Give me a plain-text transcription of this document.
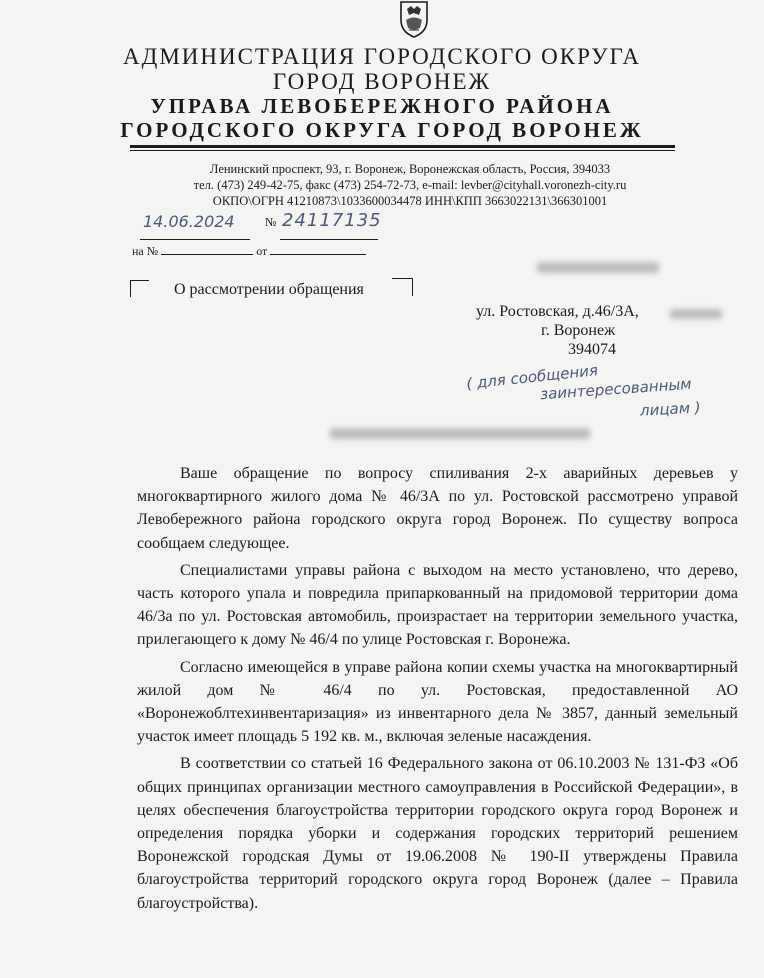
АДМИНИСТРАЦИЯ ГОРОДСКОГО ОКРУГА
ГОРОД ВОРОНЕЖ
УПРАВА ЛЕВОБЕРЕЖНОГО РАЙОНА
ГОРОДСКОГО ОКРУГА ГОРОД ВОРОНЕЖ
Ленинский проспект, 93, г. Воронеж, Воронежская область, Россия, 394033
тел. (473) 249-42-75, факс (473) 254-72-73, e-mail: levber@cityhall.voronezh-city.ru
ОКПО\ОГРН 41210873\1033600034478 ИНН\КПП 3663022131\366301001
14.06.2024	24117135
№
на №	от
О рассмотрении обращения
ул. Ростовская, д.46/3А,
г. Воронеж
394074
( для сообщения
заинтересованным
лицам )

Ваше обращение по вопросу спиливания 2-х аварийных деревьев у многоквартирного жилого дома № 46/3А по ул. Ростовской рассмотрено управой Левобережного района городского округа город Воронеж. По существу вопроса сообщаем следующее.

Специалистами управы района с выходом на место установлено, что дерево, часть которого упала и повредила припаркованный на придомовой территории дома 46/3а по ул. Ростовская автомобиль, произрастает на территории земельного участка, прилегающего к дому № 46/4 по улице Ростовская г. Воронежа.

Согласно имеющейся в управе района копии схемы участка на многоквартирный жилой дом № 46/4 по ул. Ростовская, предоставленной АО «Воронежоблтехинвентаризация» из инвентарного дела № 3857, данный земельный участок имеет площадь 5 192 кв. м., включая зеленые насаждения.

В соответствии со статьей 16 Федерального закона от 06.10.2003 № 131-ФЗ «Об общих принципах организации местного самоуправления в Российской Федерации», в целях обеспечения благоустройства территории городского округа город Воронеж и определения порядка уборки и содержания городских территорий решением Воронежской городская Думы от 19.06.2008 № 190-II утверждены Правила благоустройства территорий городского округа город Воронеж (далее – Правила благоустройства).
